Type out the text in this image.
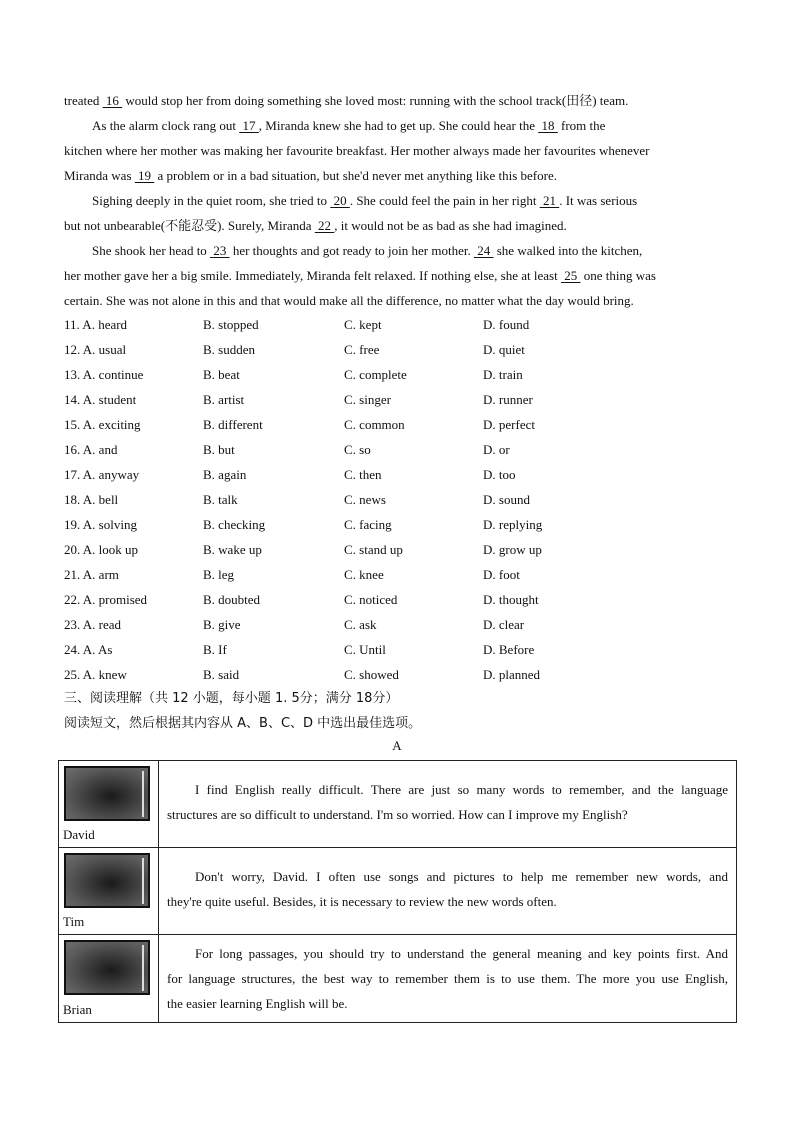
treated  16  would stop her from doing something she loved most: running with the school track(田径) team.
As the alarm clock rang out  17 , Miranda knew she had to get up. She could hear the  18  from the
kitchen where her mother was making her favourite breakfast. Her mother always made her favourites whenever
Miranda was  19  a problem or in a bad situation, but she'd never met anything like this before.
Sighing deeply in the quiet room, she tried to  20 . She could feel the pain in her right  21 . It was serious
but not unbearable(不能忍受). Surely, Miranda  22 , it would not be as bad as she had imagined.
She shook her head to  23  her thoughts and got ready to join her mother.  24  she walked into the kitchen,
her mother gave her a big smile. Immediately, Miranda felt relaxed. If nothing else, she at least  25  one thing was
certain. She was not alone in this and that would make all the difference, no matter what the day would bring.
11. A. heard	B. stopped	C. kept	D. found
12. A. usual	B. sudden	C. free	D. quiet
13. A. continue	B. beat	C. complete	D. train
14. A. student	B. artist	C. singer	D. runner
15. A. exciting	B. different	C. common	D. perfect
16. A. and	B. but	C. so	D. or
17. A. anyway	B. again	C. then	D. too
18. A. bell	B. talk	C. news	D. sound
19. A. solving	B. checking	C. facing	D. replying
20. A. look up	B. wake up	C. stand up	D. grow up
21. A. arm	B. leg	C. knee	D. foot
22. A. promised	B. doubted	C. noticed	D. thought
23. A. read	B. give	C. ask	D. clear
24. A. As	B. If	C. Until	D. Before
25. A. knew	B. said	C. showed	D. planned
三、阅读理解（共 12 小题，每小题 1. 5分；满分 18分）
阅读短文，然后根据其内容从 A、B、C、D 中选出最佳选项。
A
David	I find English really difficult. There are just so many words to remember, and the language
structures are so difficult to understand. I'm so worried. How can I improve my English?

Tim	Don't worry, David. I often use songs and pictures to help me remember new words, and
they're quite useful. Besides, it is necessary to review the new words often.

Brian	For long passages, you should try to understand the general meaning and key points first. And
for language structures, the best way to remember them is to use them. The more you use English,
the easier learning English will be.
